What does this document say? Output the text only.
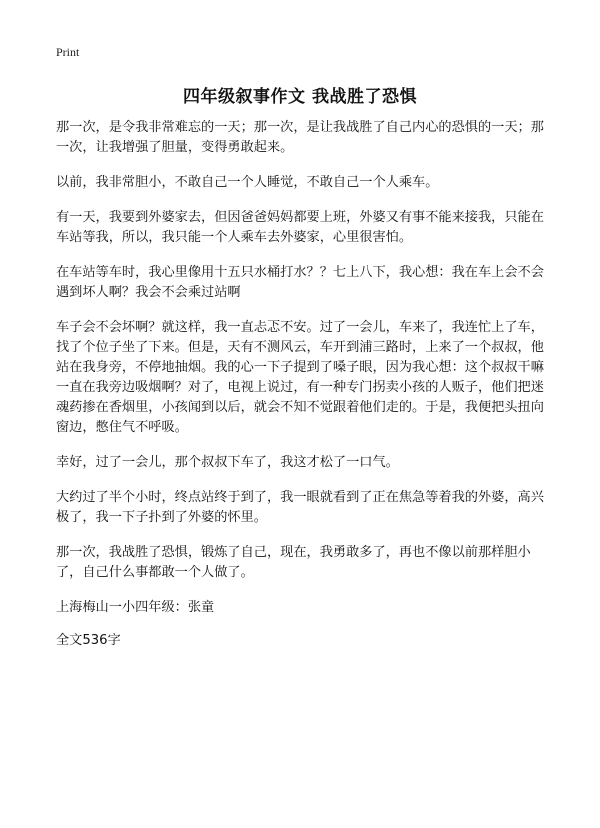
Print
四年级叙事作文 我战胜了恐惧

那一次，是令我非常难忘的一天；那一次，是让我战胜了自己内心的恐惧的一天；那一次，让我增强了胆量，变得勇敢起来。

以前，我非常胆小，不敢自己一个人睡觉，不敢自己一个人乘车。

有一天，我要到外婆家去，但因爸爸妈妈都要上班，外婆又有事不能来接我，只能在车站等我，所以，我只能一个人乘车去外婆家，心里很害怕。

在车站等车时，我心里像用十五只水桶打水？？七上八下，我心想：我在车上会不会遇到坏人啊？我会不会乘过站啊

车子会不会坏啊？就这样，我一直忐忑不安。过了一会儿，车来了，我连忙上了车，找了个位子坐了下来。但是，天有不测风云，车开到浦三路时，上来了一个叔叔，他站在我身旁，不停地抽烟。我的心一下子提到了嗓子眼，因为我心想：这个叔叔干嘛一直在我旁边吸烟啊？对了，电视上说过，有一种专门拐卖小孩的人贩子，他们把迷魂药掺在香烟里，小孩闻到以后，就会不知不觉跟着他们走的。于是，我便把头扭向窗边，憋住气不呼吸。

幸好，过了一会儿，那个叔叔下车了，我这才松了一口气。

大约过了半个小时，终点站终于到了，我一眼就看到了正在焦急等着我的外婆，高兴极了，我一下子扑到了外婆的怀里。

那一次，我战胜了恐惧，锻炼了自己，现在，我勇敢多了，再也不像以前那样胆小了，自己什么事都敢一个人做了。

上海梅山一小四年级：张童

全文536字
